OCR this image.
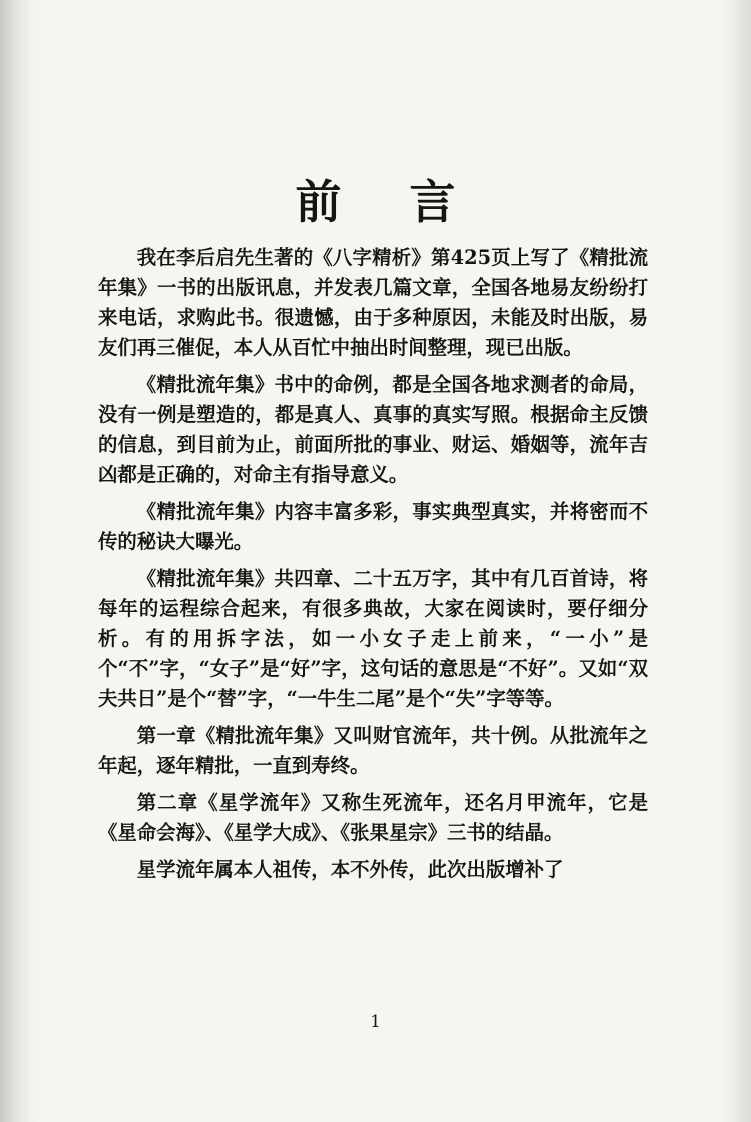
前 言

我在李后启先生著的《八字精析》第425页上写了《精批流年集》一书的出版讯息，并发表几篇文章，全国各地易友纷纷打来电话，求购此书。很遗憾，由于多种原因，未能及时出版，易友们再三催促，本人从百忙中抽出时间整理，现已出版。

《精批流年集》书中的命例，都是全国各地求测者的命局，没有一例是塑造的，都是真人、真事的真实写照。根据命主反馈的信息，到目前为止，前面所批的事业、财运、婚姻等，流年吉凶都是正确的，对命主有指导意义。

《精批流年集》内容丰富多彩，事实典型真实，并将密而不传的秘诀大曝光。

《精批流年集》共四章、二十五万字，其中有几百首诗，将每年的运程综合起来，有很多典故，大家在阅读时，要仔细分析。有的用拆字法，如一小女子走上前来，“一小”是个“不”字，“女子”是“好”字，这句话的意思是“不好”。又如“双夫共日”是个“替”字，“一牛生二尾”是个“失”字等等。

第一章《精批流年集》又叫财官流年，共十例。从批流年之年起，逐年精批，一直到寿终。

第二章《星学流年》又称生死流年，还名月甲流年，它是《星命会海》、《星学大成》、《张果星宗》三书的结晶。

星学流年属本人祖传，本不外传，此次出版增补了

1
